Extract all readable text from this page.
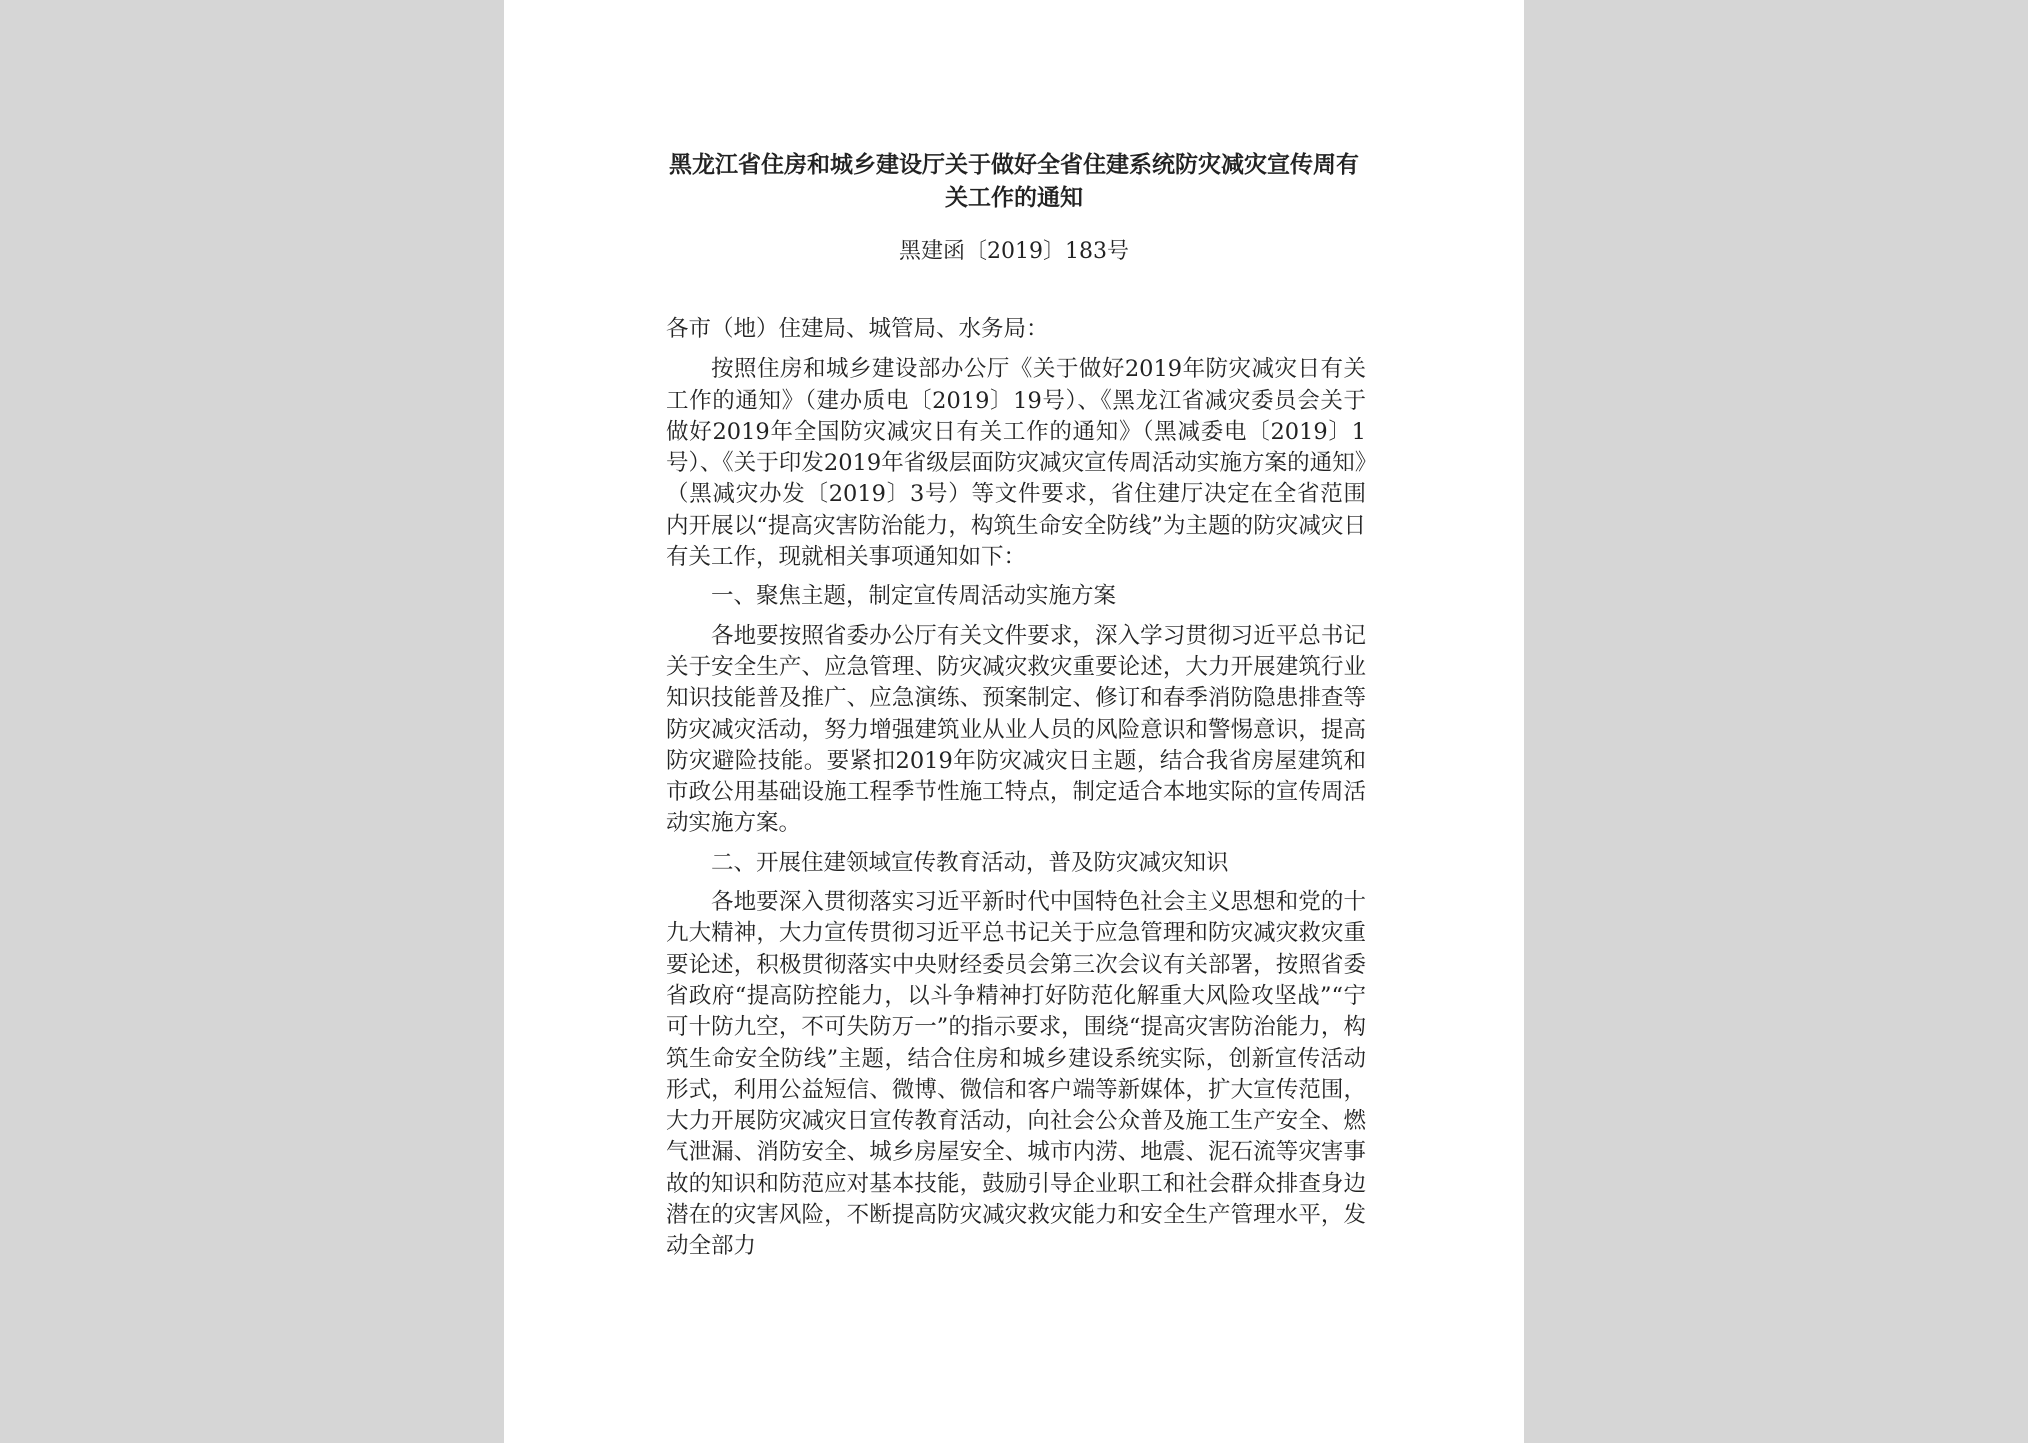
黑龙江省住房和城乡建设厅关于做好全省住建系统防灾减灾宣传周有关工作的通知
黑建函〔2019〕183号

各市（地）住建局、城管局、水务局：

按照住房和城乡建设部办公厅《关于做好2019年防灾减灾日有关工作的通知》（建办质电〔2019〕19号）、《黑龙江省减灾委员会关于做好2019年全国防灾减灾日有关工作的通知》（黑减委电〔2019〕1号）、《关于印发2019年省级层面防灾减灾宣传周活动实施方案的通知》（黑减灾办发〔2019〕3号）等文件要求，省住建厅决定在全省范围内开展以“提高灾害防治能力，构筑生命安全防线”为主题的防灾减灾日有关工作，现就相关事项通知如下：

一、聚焦主题，制定宣传周活动实施方案

各地要按照省委办公厅有关文件要求，深入学习贯彻习近平总书记关于安全生产、应急管理、防灾减灾救灾重要论述，大力开展建筑行业知识技能普及推广、应急演练、预案制定、修订和春季消防隐患排查等防灾减灾活动，努力增强建筑业从业人员的风险意识和警惕意识，提高防灾避险技能。要紧扣2019年防灾减灾日主题，结合我省房屋建筑和市政公用基础设施工程季节性施工特点，制定适合本地实际的宣传周活动实施方案。

二、开展住建领域宣传教育活动，普及防灾减灾知识

各地要深入贯彻落实习近平新时代中国特色社会主义思想和党的十九大精神，大力宣传贯彻习近平总书记关于应急管理和防灾减灾救灾重要论述，积极贯彻落实中央财经委员会第三次会议有关部署，按照省委省政府“提高防控能力，以斗争精神打好防范化解重大风险攻坚战”“宁可十防九空，不可失防万一”的指示要求，围绕“提高灾害防治能力，构筑生命安全防线”主题，结合住房和城乡建设系统实际，创新宣传活动形式，利用公益短信、微博、微信和客户端等新媒体，扩大宣传范围，大力开展防灾减灾日宣传教育活动，向社会公众普及施工生产安全、燃气泄漏、消防安全、城乡房屋安全、城市内涝、地震、泥石流等灾害事故的知识和防范应对基本技能，鼓励引导企业职工和社会群众排查身边潜在的灾害风险，不断提高防灾减灾救灾能力和安全生产管理水平，发动全部力
